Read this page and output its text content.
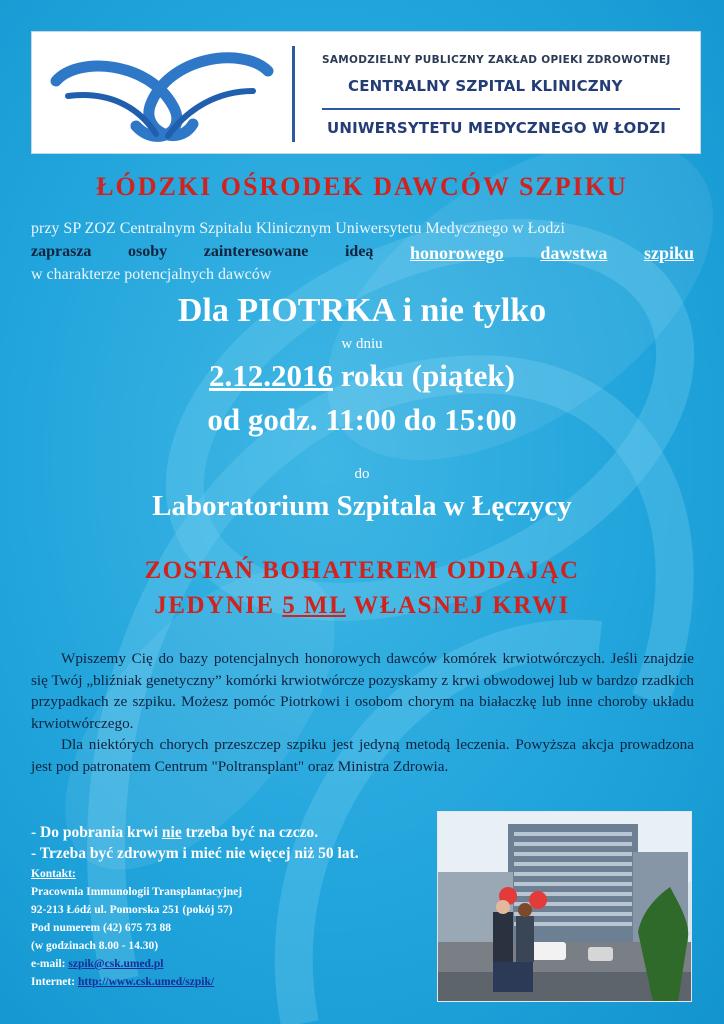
SAMODZIELNY PUBLICZNY ZAKŁAD OPIEKI ZDROWOTNEJ
CENTRALNY SZPITAL KLINICZNY
UNIWERSYTETU MEDYCZNEGO W ŁODZI
ŁÓDZKI OŚRODEK DAWCÓW SZPIKU
przy SP ZOZ Centralnym Szpitalu Klinicznym Uniwersytetu Medycznego w Łodzi
zaprasza osoby zainteresowane ideą honorowego dawstwa szpiku
w charakterze potencjalnych dawców
Dla PIOTRKA i nie tylko
w dniu
2.12.2016 roku (piątek)
od godz. 11:00 do 15:00
do
Laboratorium Szpitala w Łęczycy
ZOSTAŃ BOHATEREM ODDAJĄC
JEDYNIE 5 ML WŁASNEJ KRWI

Wpiszemy Cię do bazy potencjalnych honorowych dawców komórek krwiotwórczych. Jeśli znajdzie się Twój „bliźniak genetyczny” komórki krwiotwórcze pozyskamy z krwi obwodowej lub w bardzo rzadkich przypadkach ze szpiku. Możesz pomóc Piotrkowi i osobom chorym na białaczkę lub inne choroby układu krwiotwórczego.

Dla niektórych chorych przeszczep szpiku jest jedyną metodą leczenia. Powyższa akcja prowadzona jest pod patronatem Centrum "Poltransplant" oraz Ministra Zdrowia.

- Do pobrania krwi nie trzeba być na czczo.
- Trzeba być zdrowym i mieć nie więcej niż 50 lat.
Kontakt:
Pracownia Immunologii Transplantacyjnej
92-213 Łódź ul. Pomorska 251 (pokój 57)
Pod numerem (42) 675 73 88
(w godzinach 8.00 - 14.30)
e-mail: szpik@csk.umed.pl
Internet: http://www.csk.umed/szpik/
